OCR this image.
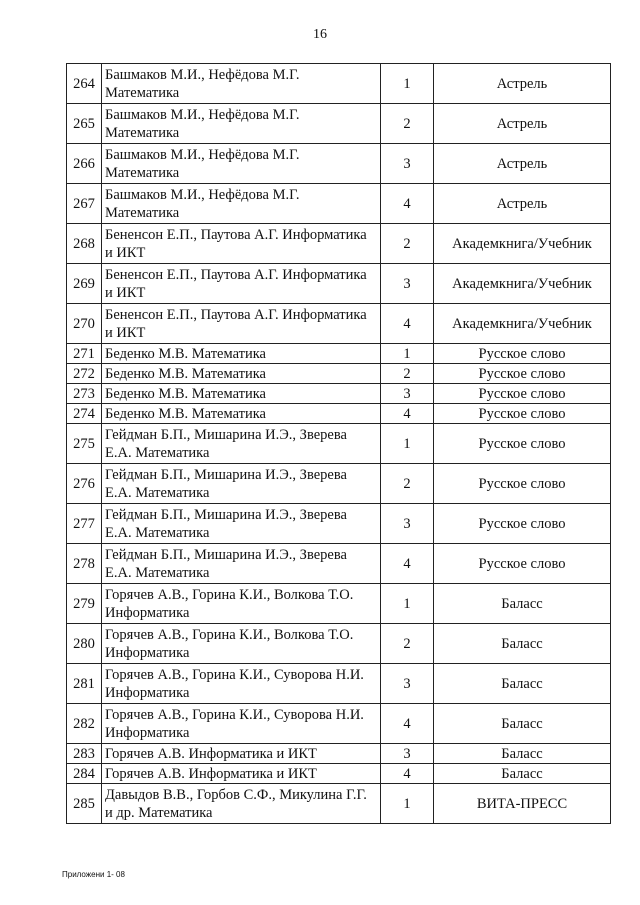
16
264	Башмаков М.И., Нефёдова М.Г. Математика	1	Астрель
265	Башмаков М.И., Нефёдова М.Г. Математика	2	Астрель
266	Башмаков М.И., Нефёдова М.Г. Математика	3	Астрель
267	Башмаков М.И., Нефёдова М.Г. Математика	4	Астрель
268	Бененсон Е.П., Паутова А.Г. Информатика и ИКТ	2	Академкнига/Учебник
269	Бененсон Е.П., Паутова А.Г. Информатика и ИКТ	3	Академкнига/Учебник
270	Бененсон Е.П., Паутова А.Г. Информатика и ИКТ	4	Академкнига/Учебник
271	Беденко М.В. Математика	1	Русское слово
272	Беденко М.В. Математика	2	Русское слово
273	Беденко М.В. Математика	3	Русское слово
274	Беденко М.В. Математика	4	Русское слово
275	Гейдман Б.П., Мишарина И.Э., Зверева Е.А. Математика	1	Русское слово
276	Гейдман Б.П., Мишарина И.Э., Зверева Е.А. Математика	2	Русское слово
277	Гейдман Б.П., Мишарина И.Э., Зверева Е.А. Математика	3	Русское слово
278	Гейдман Б.П., Мишарина И.Э., Зверева Е.А. Математика	4	Русское слово
279	Горячев А.В., Горина К.И., Волкова Т.О. Информатика	1	Баласс
280	Горячев А.В., Горина К.И., Волкова Т.О. Информатика	2	Баласс
281	Горячев А.В., Горина К.И., Суворова Н.И. Информатика	3	Баласс
282	Горячев А.В., Горина К.И., Суворова Н.И. Информатика	4	Баласс
283	Горячев А.В. Информатика и ИКТ	3	Баласс
284	Горячев А.В. Информатика и ИКТ	4	Баласс
285	Давыдов В.В., Горбов С.Ф., Микулина Г.Г. и др. Математика	1	ВИТА-ПРЕСС
Приложени 1- 08
